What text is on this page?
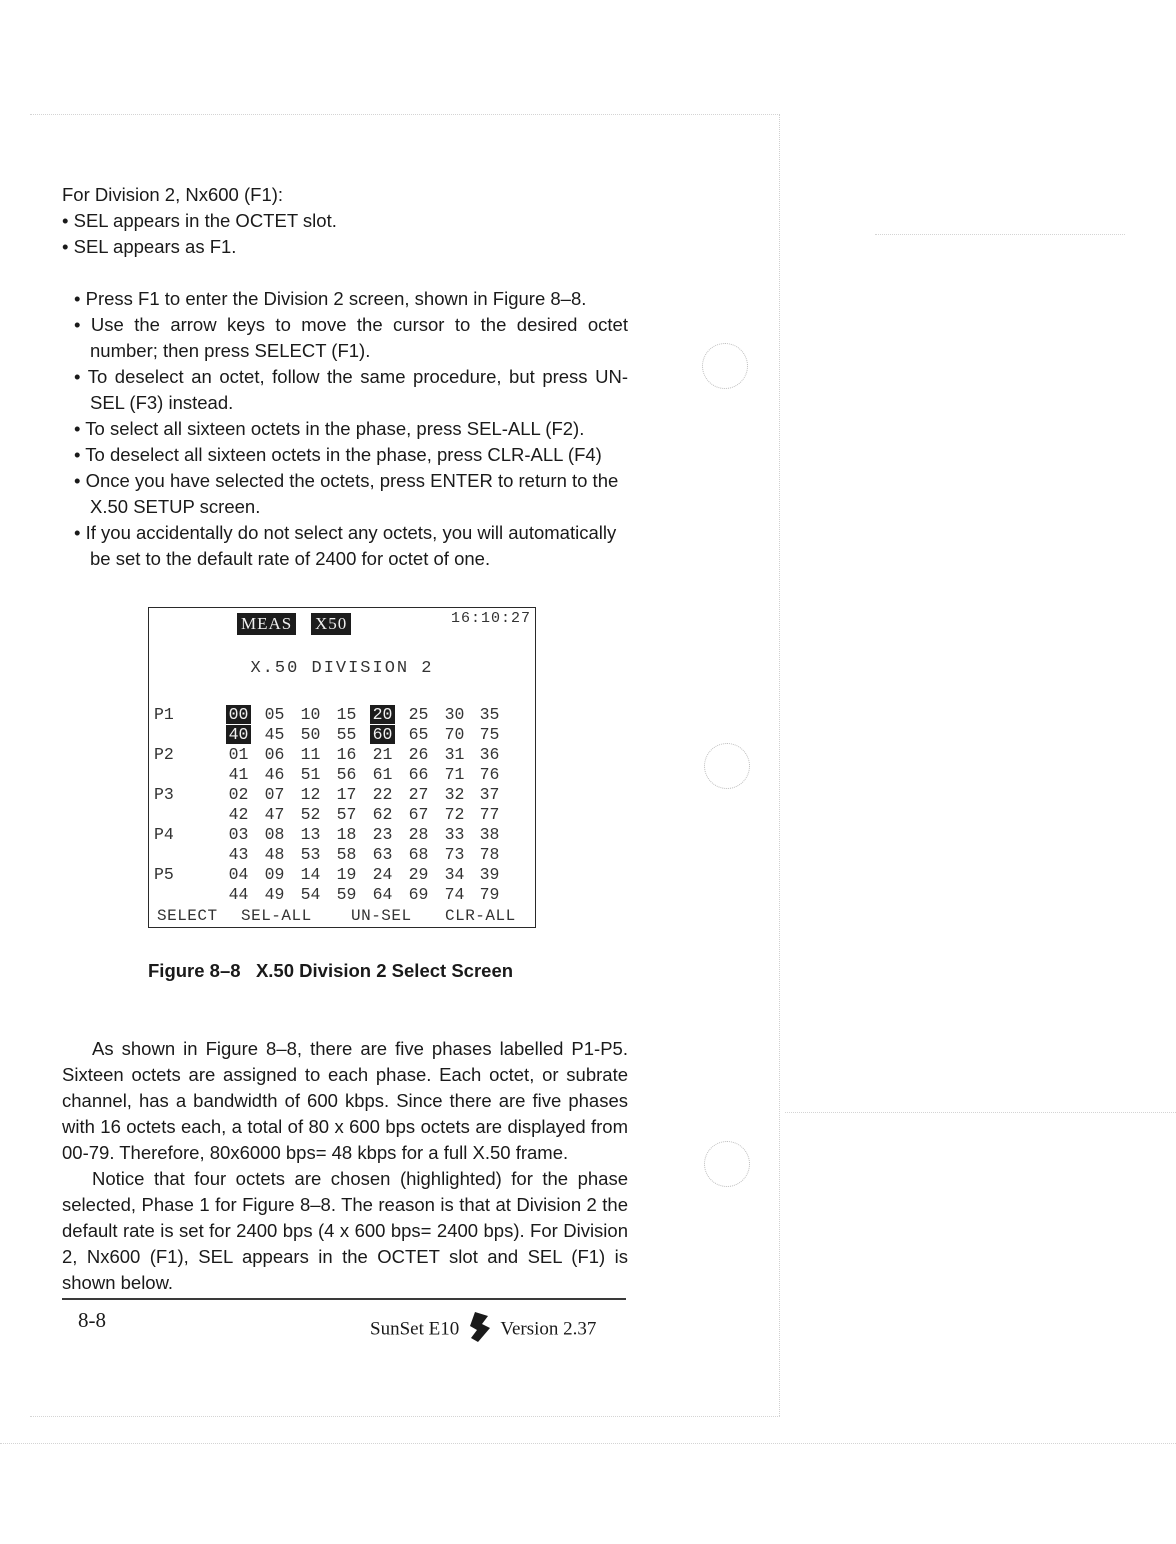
For Division 2, Nx600 (F1):

• SEL appears in the OCTET slot.

• SEL appears as F1.

• Press F1 to enter the Division 2 screen, shown in Figure 8–8.

• Use the arrow keys to move the cursor to the desired octet number; then press SELECT (F1).

• To deselect an octet, follow the same procedure, but press UN-SEL (F3) instead.

• To select all sixteen octets in the phase, press SEL-ALL (F2).

• To deselect all sixteen octets in the phase, press CLR-ALL (F4)

• Once you have selected the octets, press ENTER to return to the X.50 SETUP screen.

• If you accidentally do not select any octets, you will automatically be set to the default rate of 2400 for octet of one.

MEAS X50	16:10:27
X.50 DIVISION 2
P1	00 05 10 15 20 25 30 35
40 45 50 55 60 65 70 75
P2	01 06 11 16 21 26 31 36
41 46 51 56 61 66 71 76
P3	02 07 12 17 22 27 32 37
42 47 52 57 62 67 72 77
P4	03 08 13 18 23 28 33 38
43 48 53 58 63 68 73 78
P5	04 09 14 19 24 29 34 39
44 49 54 59 64 69 74 79
SELECT SEL-ALL UN-SEL CLR-ALL
Figure 8–8   X.50 Division 2 Select Screen

As shown in Figure 8–8, there are five phases labelled P1-P5. Sixteen octets are assigned to each phase. Each octet, or subrate channel, has a bandwidth of 600 kbps. Since there are five phases with 16 octets each, a total of 80 x 600 bps octets are displayed from 00-79. Therefore, 80x6000 bps= 48 kbps for a full X.50 frame.

Notice that four octets are chosen (highlighted) for the phase selected, Phase 1 for Figure 8–8. The reason is that at Division 2 the default rate is set for 2400 bps (4 x 600 bps= 2400 bps). For Division 2, Nx600 (F1), SEL appears in the OCTET slot and SEL (F1) is shown below.

8-8	SunSet E10 Version 2.37
